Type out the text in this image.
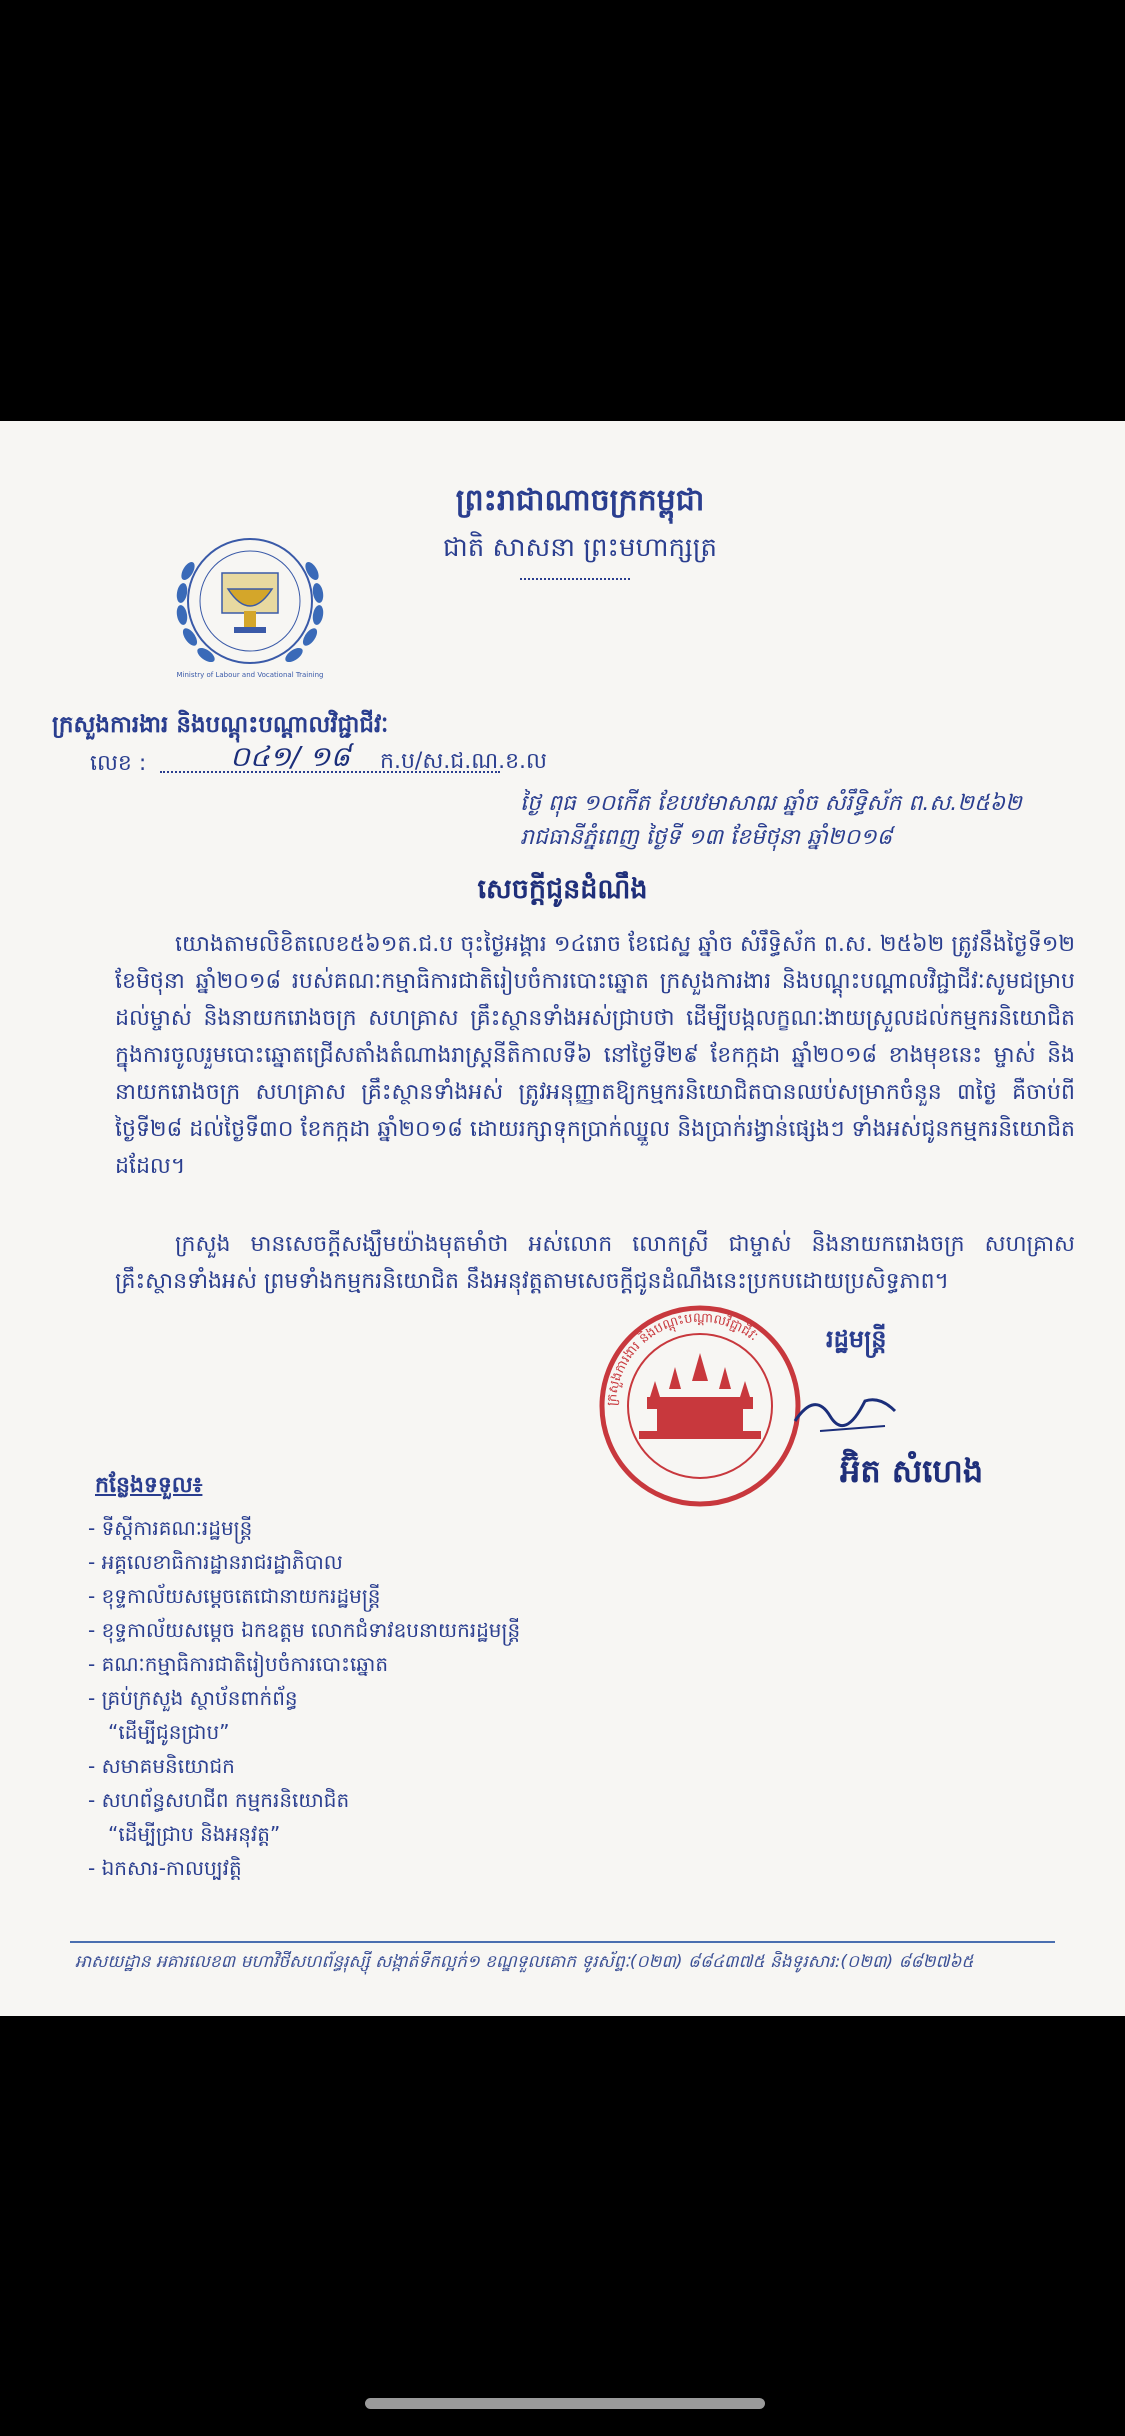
ព្រះរាជាណាចក្រកម្ពុជា
ជាតិ សាសនា ព្រះមហាក្សត្រ
Ministry of Labour and Vocational Training
ក្រសួងការងារ និងបណ្តុះបណ្តាលវិជ្ជាជីវៈ
លេខ :	០៤១/ ១៨ ក.ប/ស.ជ.ណ.ខ.ល
ថ្ងៃ ពុធ ១០កើត ខែបឋមាសាឍ ឆ្នាំច សំរឹទ្ធិស័ក ព.ស.២៥៦២
រាជធានីភ្នំពេញ ថ្ងៃទី ១៣ ខែមិថុនា ឆ្នាំ២០១៨
សេចក្តីជូនដំណឹង
យោងតាមលិខិតលេខ៥៦១ត.ជ.ប ចុះថ្ងៃអង្គារ ១៤រោច ខែជេស្ឋ ឆ្នាំច សំរឹទ្ធិស័ក ព.ស. ២៥៦២ ត្រូវនឹងថ្ងៃទី១២ ខែមិថុនា ឆ្នាំ២០១៨ របស់គណៈកម្មាធិការជាតិរៀបចំការបោះឆ្នោត ក្រសួងការងារ និងបណ្តុះបណ្តាលវិជ្ជាជីវៈសូមជម្រាបដល់ម្ចាស់ និងនាយករោងចក្រ សហគ្រាស គ្រឹះស្ថានទាំងអស់ជ្រាបថា ដើម្បីបង្កលក្ខណៈងាយស្រួលដល់កម្មករនិយោជិត ក្នុងការចូលរួមបោះឆ្នោតជ្រើសតាំងតំណាងរាស្ត្រនីតិកាលទី៦ នៅថ្ងៃទី២៩ ខែកក្កដា ឆ្នាំ២០១៨ ខាងមុខនេះ ម្ចាស់ និងនាយករោងចក្រ សហគ្រាស គ្រឹះស្ថានទាំងអស់ ត្រូវអនុញ្ញាតឱ្យកម្មករនិយោជិតបានឈប់សម្រាកចំនួន ៣ថ្ងៃ គឺចាប់ពីថ្ងៃទី២៨ ដល់ថ្ងៃទី៣០ ខែកក្កដា ឆ្នាំ២០១៨ ដោយរក្សាទុកប្រាក់ឈ្នួល និងប្រាក់រង្វាន់ផ្សេងៗ ទាំងអស់ជូនកម្មករនិយោជិតដដែល។
ក្រសួង មានសេចក្តីសង្ឃឹមយ៉ាងមុតមាំថា អស់លោក លោកស្រី ជាម្ចាស់ និងនាយករោងចក្រ សហគ្រាស គ្រឹះស្ថានទាំងអស់ ព្រមទាំងកម្មករនិយោជិត នឹងអនុវត្តតាមសេចក្តីជូនដំណឹងនេះប្រកបដោយប្រសិទ្ធភាព។
ក្រសួងការងារ និងបណ្តុះបណ្តាលវិជ្ជាជីវៈ	រដ្ឋមន្ត្រី
អ៊ិត សំហេង
កន្លែងទទួល៖
- ទីស្តីការគណៈរដ្ឋមន្ត្រី
- អគ្គលេខាធិការដ្ឋានរាជរដ្ឋាភិបាល
- ខុទ្ទកាល័យសម្តេចតេជោនាយករដ្ឋមន្ត្រី
- ខុទ្ទកាល័យសម្តេច ឯកឧត្តម លោកជំទាវឧបនាយករដ្ឋមន្ត្រី
- គណៈកម្មាធិការជាតិរៀបចំការបោះឆ្នោត
- គ្រប់ក្រសួង ស្ថាប័នពាក់ព័ន្ធ
“ដើម្បីជូនជ្រាប”
- សមាគមនិយោជក
- សហព័ន្ធសហជីព កម្មករនិយោជិត
“ដើម្បីជ្រាប និងអនុវត្ត”
- ឯកសារ-កាលប្បវត្តិ
អាសយដ្ឋាន អគារលេខ៣ មហាវិថីសហព័ន្ធរុស្ស៊ី សង្កាត់ទឹកល្អក់១ ខណ្ឌទួលគោក ទូរស័ព្ទៈ(០២៣) ៨៨៤៣៧៥ និងទូរសារ:(០២៣) ៨៨២៧៦៥
